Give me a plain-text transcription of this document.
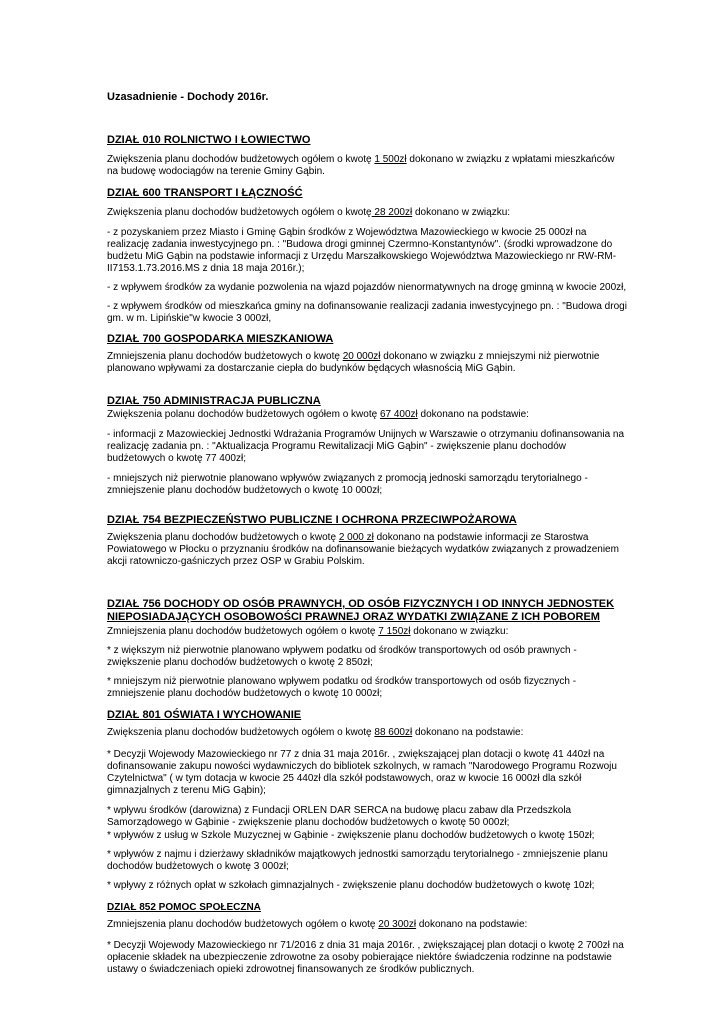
Uzasadnienie - Dochody 2016r.

DZIAŁ 010 ROLNICTWO I ŁOWIECTWO

Zwiększenia planu dochodów budżetowych ogółem o kwotę 1 500zł dokonano w związku z wpłatami mieszkańców na budowę wodociągów na terenie Gminy Gąbin.

DZIAŁ 600 TRANSPORT I ŁĄCZNOŚĆ

Zwiększenia planu dochodów budżetowych ogółem o kwotę 28 200zł dokonano w związku:

- z pozyskaniem przez Miasto i Gminę Gąbin środków z Województwa Mazowieckiego w kwocie 25 000zł na realizację zadania inwestycyjnego pn. : "Budowa drogi gminnej Czermno-Konstantynów". (środki wprowadzone do budżetu MiG Gąbin na podstawie informacji z Urzędu Marszałkowskiego Województwa Mazowieckiego nr RW-RM-II7153.1.73.2016.MS z dnia 18 maja 2016r.);

- z wpływem środków za wydanie pozwolenia na wjazd pojazdów nienormatywnych na drogę gminną w kwocie 200zł,

- z wpływem środków od mieszkańca gminy na dofinansowanie realizacji zadania inwestycyjnego pn. : "Budowa drogi gm. w m. Lipińskie"w kwocie 3 000zł,

DZIAŁ 700 GOSPODARKA MIESZKANIOWA

Zmniejszenia planu dochodów budżetowych o kwotę 20 000zł dokonano w związku z mniejszymi niż pierwotnie planowano wpływami za dostarczanie ciepła do budynków będących własnością MiG Gąbin.

DZIAŁ 750 ADMINISTRACJA PUBLICZNA

Zwiększenia polanu dochodów budżetowych ogółem o kwotę 67 400zł dokonano na podstawie:

- informacji z Mazowieckiej Jednostki Wdrażania Programów Unijnych w Warszawie o otrzymaniu dofinansowania na realizację zadania pn. : "Aktualizacja Programu Rewitalizacji MiG Gąbin" - zwiększenie planu dochodów budżetowych o kwotę 77 400zł;

- mniejszych niż pierwotnie planowano wpływów związanych z promocją jednoski samorządu terytorialnego - zmniejszenie planu dochodów budżetowych o kwotę 10 000zł;

DZIAŁ 754 BEZPIECZEŃSTWO PUBLICZNE I OCHRONA PRZECIWPOŻAROWA

Zwiększenia planu dochodów budżetowych o kwotę 2 000 zł dokonano na podstawie informacji ze Starostwa Powiatowego w Płocku o przyznaniu środków na dofinansowanie bieżących wydatków związanych z prowadzeniem akcji ratowniczo-gaśniczych przez OSP w Grabiu Polskim.

DZIAŁ 756 DOCHODY OD OSÓB PRAWNYCH, OD OSÓB FIZYCZNYCH I OD INNYCH JEDNOSTEK NIEPOSIADAJĄCYCH OSOBOWOŚCI PRAWNEJ ORAZ WYDATKI ZWIĄZANE Z ICH POBOREM

Zmniejszenia planu dochodów budżetowych ogółem o kwotę 7 150zł dokonano w związku:

* z większym niż pierwotnie planowano wpływem podatku od środków transportowych od osób prawnych - zwiększenie planu dochodów budżetowych o kwotę 2 850zł;

* mniejszym niż pierwotnie planowano wpływem podatku od środków transportowych od osób fizycznych - zmniejszenie planu dochodów budżetowych o kwotę 10 000zł;

DZIAŁ 801 OŚWIATA I WYCHOWANIE

Zwiększenia planu dochodów budżetowych ogółem o kwotę 88 600zł dokonano na podstawie:

* Decyzji Wojewody Mazowieckiego nr 77 z dnia 31 maja 2016r. , zwiększającej plan dotacji o kwotę 41 440zł na dofinansowanie zakupu nowości wydawniczych do bibliotek szkolnych, w ramach "Narodowego Programu Rozwoju Czytelnictwa" ( w tym dotacja w kwocie 25 440zł dla szkół podstawowych, oraz w kwocie 16 000zł dla szkół gimnazjalnych z terenu MiG Gąbin);

* wpływu środków (darowizna) z Fundacji ORLEN DAR SERCA na budowę placu zabaw dla Przedszkola Samorządowego w Gąbinie - zwiększenie planu dochodów budżetowych o kwotę 50 000zł;

* wpływów z usług w Szkole Muzycznej w Gąbinie - zwiększenie planu dochodów budżetowych o kwotę 150zł;

* wpływów z najmu i dzierżawy składników majątkowych jednostki samorządu terytorialnego - zmniejszenie planu dochodów budżetowych o kwotę 3 000zł;

* wpływy z różnych opłat w szkołach gimnazjalnych - zwiększenie planu dochodów budżetowych o kwotę 10zł;

DZIAŁ 852 POMOC SPOŁECZNA

Zmniejszenia planu dochodów budżetowych ogółem o kwotę 20 300zł dokonano na podstawie:

* Decyzji Wojewody Mazowieckiego nr 71/2016 z dnia 31 maja 2016r. , zwiększającej plan dotacji o kwotę 2 700zł na opłacenie składek na ubezpieczenie zdrowotne za osoby pobierające niektóre świadczenia rodzinne na podstawie ustawy o świadczeniach opieki zdrowotnej finansowanych ze środków publicznych.
